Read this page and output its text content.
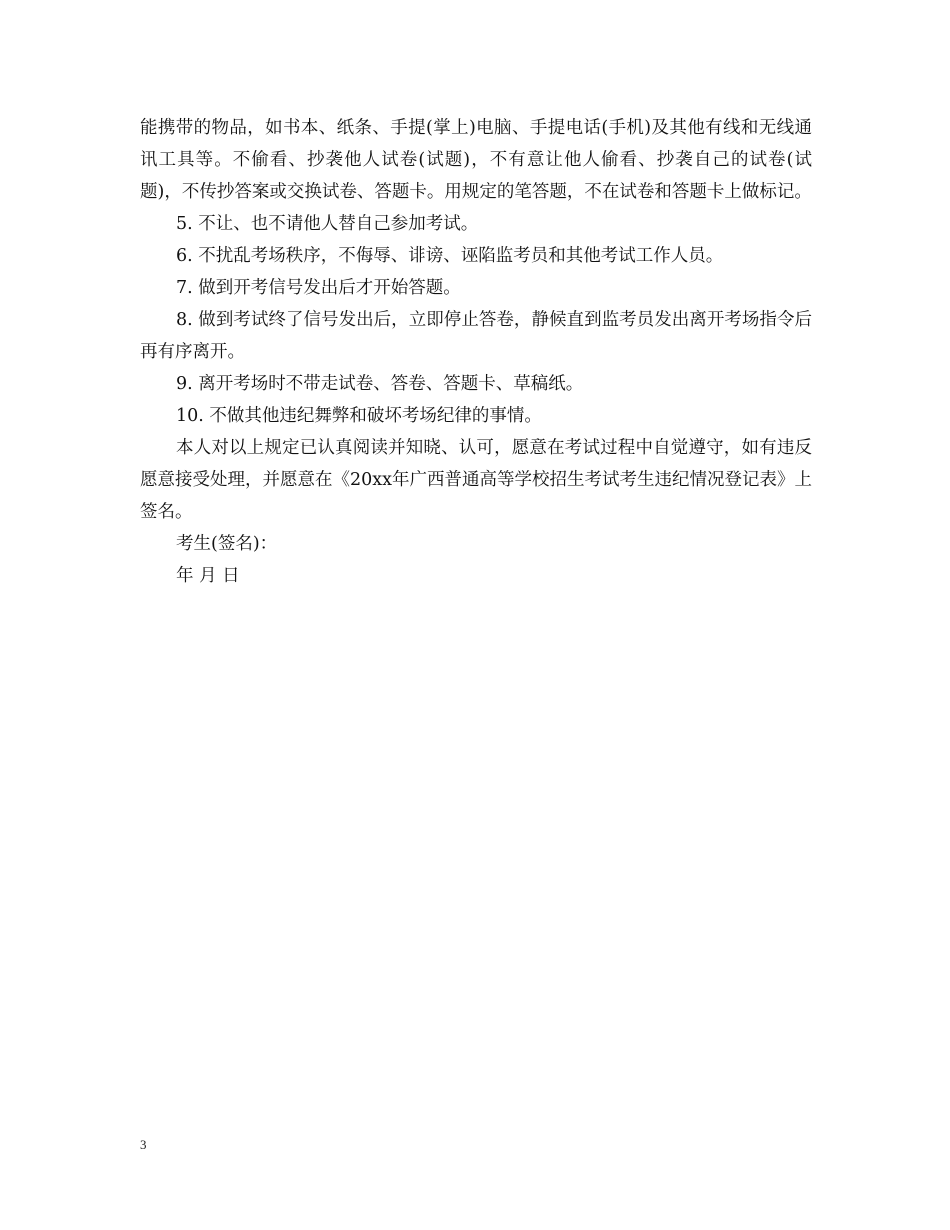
能携带的物品，如书本、纸条、手提(掌上)电脑、手提电话(手机)及其他有线和无线通讯工具等。不偷看、抄袭他人试卷(试题)，不有意让他人偷看、抄袭自己的试卷(试题)，不传抄答案或交换试卷、答题卡。用规定的笔答题，不在试卷和答题卡上做标记。

5. 不让、也不请他人替自己参加考试。

6. 不扰乱考场秩序，不侮辱、诽谤、诬陷监考员和其他考试工作人员。

7. 做到开考信号发出后才开始答题。

8. 做到考试终了信号发出后，立即停止答卷，静候直到监考员发出离开考场指令后再有序离开。

9. 离开考场时不带走试卷、答卷、答题卡、草稿纸。

10. 不做其他违纪舞弊和破坏考场纪律的事情。

本人对以上规定已认真阅读并知晓、认可，愿意在考试过程中自觉遵守，如有违反愿意接受处理，并愿意在《20xx年广西普通高等学校招生考试考生违纪情况登记表》上签名。

考生(签名)：

年 月 日

3
